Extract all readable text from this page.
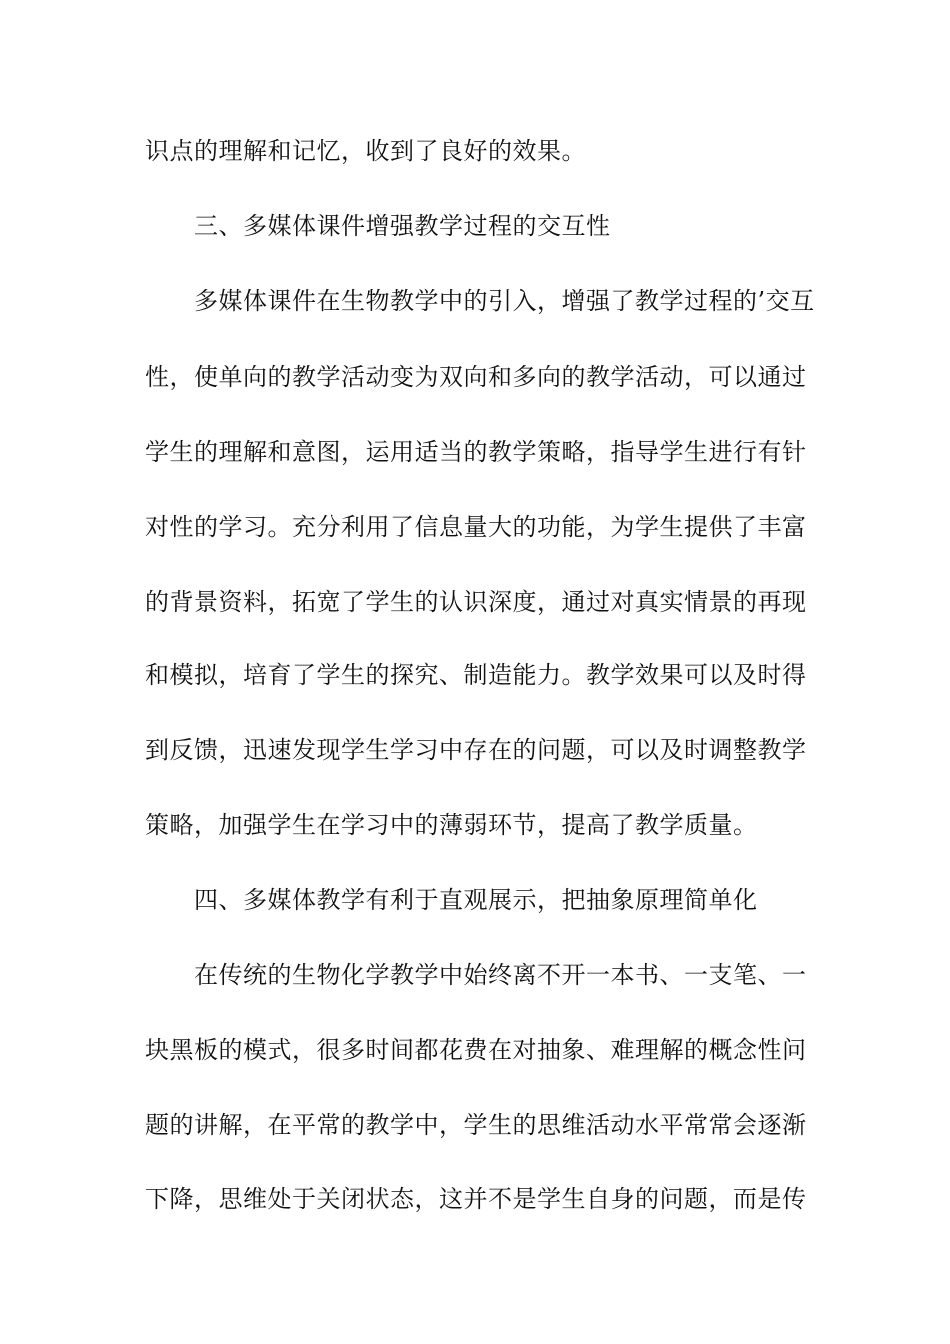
识点的理解和记忆，收到了良好的效果。
三、多媒体课件增强教学过程的交互性
多媒体课件在生物教学中的引入，增强了教学过程的’交互
性，使单向的教学活动变为双向和多向的教学活动，可以通过
学生的理解和意图，运用适当的教学策略，指导学生进行有针
对性的学习。充分利用了信息量大的功能，为学生提供了丰富
的背景资料，拓宽了学生的认识深度，通过对真实情景的再现
和模拟，培育了学生的探究、制造能力。教学效果可以及时得
到反馈，迅速发现学生学习中存在的问题，可以及时调整教学
策略，加强学生在学习中的薄弱环节，提高了教学质量。
四、多媒体教学有利于直观展示，把抽象原理简单化
在传统的生物化学教学中始终离不开一本书、一支笔、一
块黑板的模式，很多时间都花费在对抽象、难理解的概念性问
题的讲解，在平常的教学中，学生的思维活动水平常常会逐渐
下降，思维处于关闭状态，这并不是学生自身的问题，而是传
